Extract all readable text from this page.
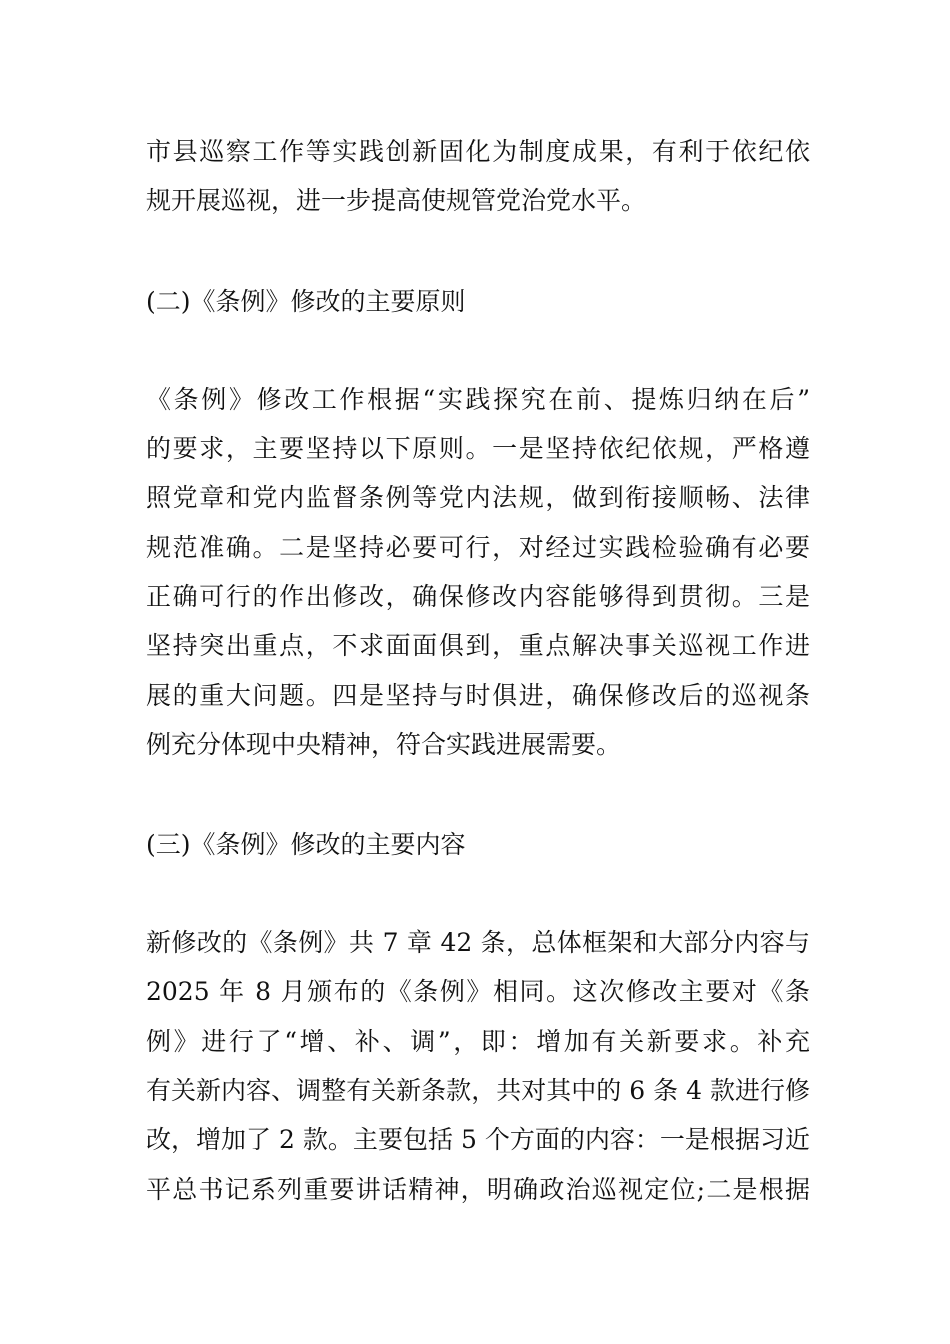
市县巡察工作等实践创新固化为制度成果，有利于依纪依
规开展巡视，进一步提高使规管党治党水平。
(二)《条例》修改的主要原则
《条例》修改工作根据“实践探究在前、提炼归纳在后”
的要求，主要坚持以下原则。一是坚持依纪依规，严格遵
照党章和党内监督条例等党内法规，做到衔接顺畅、法律
规范准确。二是坚持必要可行，对经过实践检验确有必要
正确可行的作出修改，确保修改内容能够得到贯彻。三是
坚持突出重点，不求面面俱到，重点解决事关巡视工作进
展的重大问题。四是坚持与时俱进，确保修改后的巡视条
例充分体现中央精神，符合实践进展需要。
(三)《条例》修改的主要内容
新修改的《条例》共 7 章 42 条，总体框架和大部分内容与
2025 年 8 月颁布的《条例》相同。这次修改主要对《条
例》进行了“增、补、调”，即：增加有关新要求。补充
有关新内容、调整有关新条款，共对其中的 6 条 4 款进行修
改，增加了 2 款。主要包括 5 个方面的内容：一是根据习近
平总书记系列重要讲话精神，明确政治巡视定位;二是根据
